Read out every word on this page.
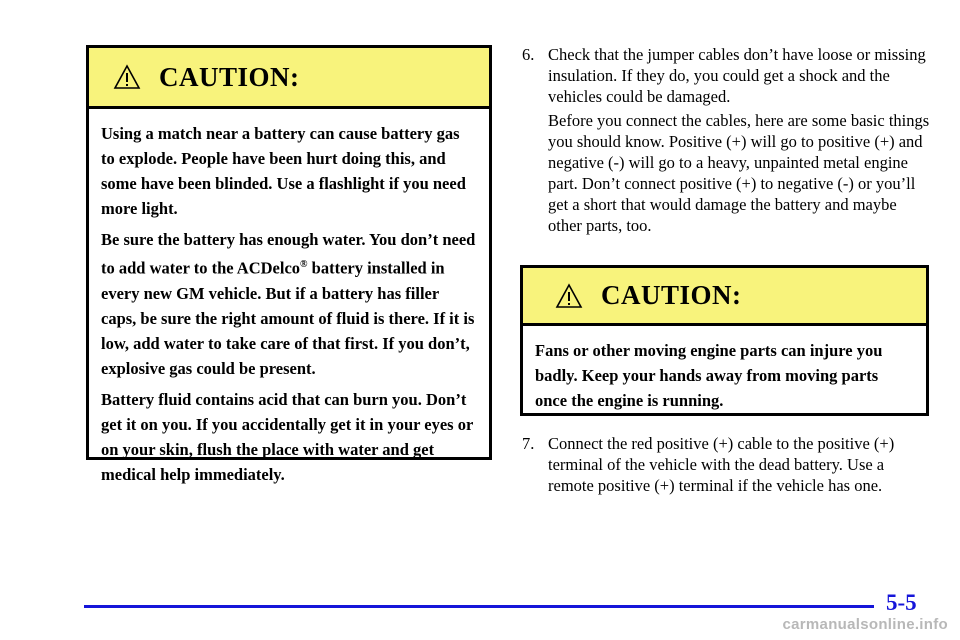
CAUTION:

Using a match near a battery can cause battery gas to explode. People have been hurt doing this, and some have been blinded. Use a flashlight if you need more light.

Be sure the battery has enough water. You don’t need to add water to the ACDelco® battery installed in every new GM vehicle. But if a battery has filler caps, be sure the right amount of fluid is there. If it is low, add water to take care of that first. If you don’t, explosive gas could be present.

Battery fluid contains acid that can burn you. Don’t get it on you. If you accidentally get it in your eyes or on your skin, flush the place with water and get medical help immediately.

6. Check that the jumper cables don’t have loose or missing insulation. If they do, you could get a shock and the vehicles could be damaged.
Before you connect the cables, here are some basic things you should know. Positive (+) will go to positive (+) and negative (-) will go to a heavy, unpainted metal engine part. Don’t connect positive (+) to negative (-) or you’ll get a short that would damage the battery and maybe other parts, too.
CAUTION:

Fans or other moving engine parts can injure you badly. Keep your hands away from moving parts once the engine is running.

7. Connect the red positive (+) cable to the positive (+) terminal of the vehicle with the dead battery. Use a remote positive (+) terminal if the vehicle has one.
5-5
carmanualsonline.info
